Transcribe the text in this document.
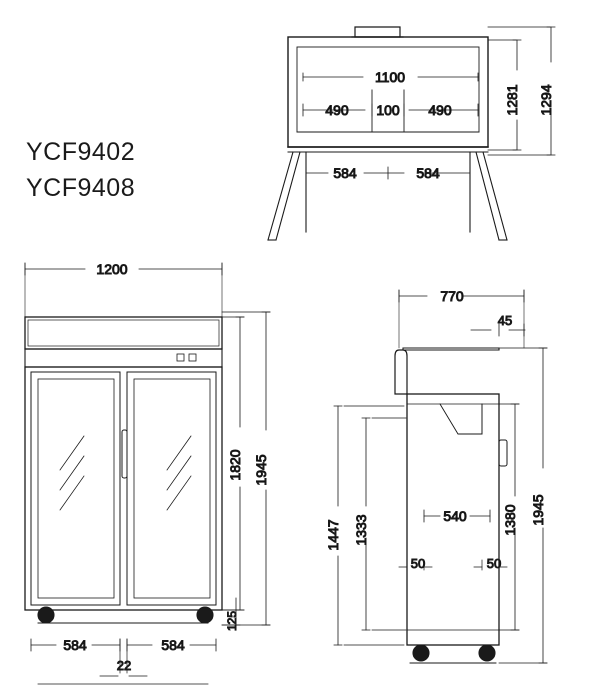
YCF9402
YCF9408
1100
490 100 490
584	584
1281 1294
1200
1820 1945
125
584	584
22
770
45
1447 1333	540	1380 1945
50	50
